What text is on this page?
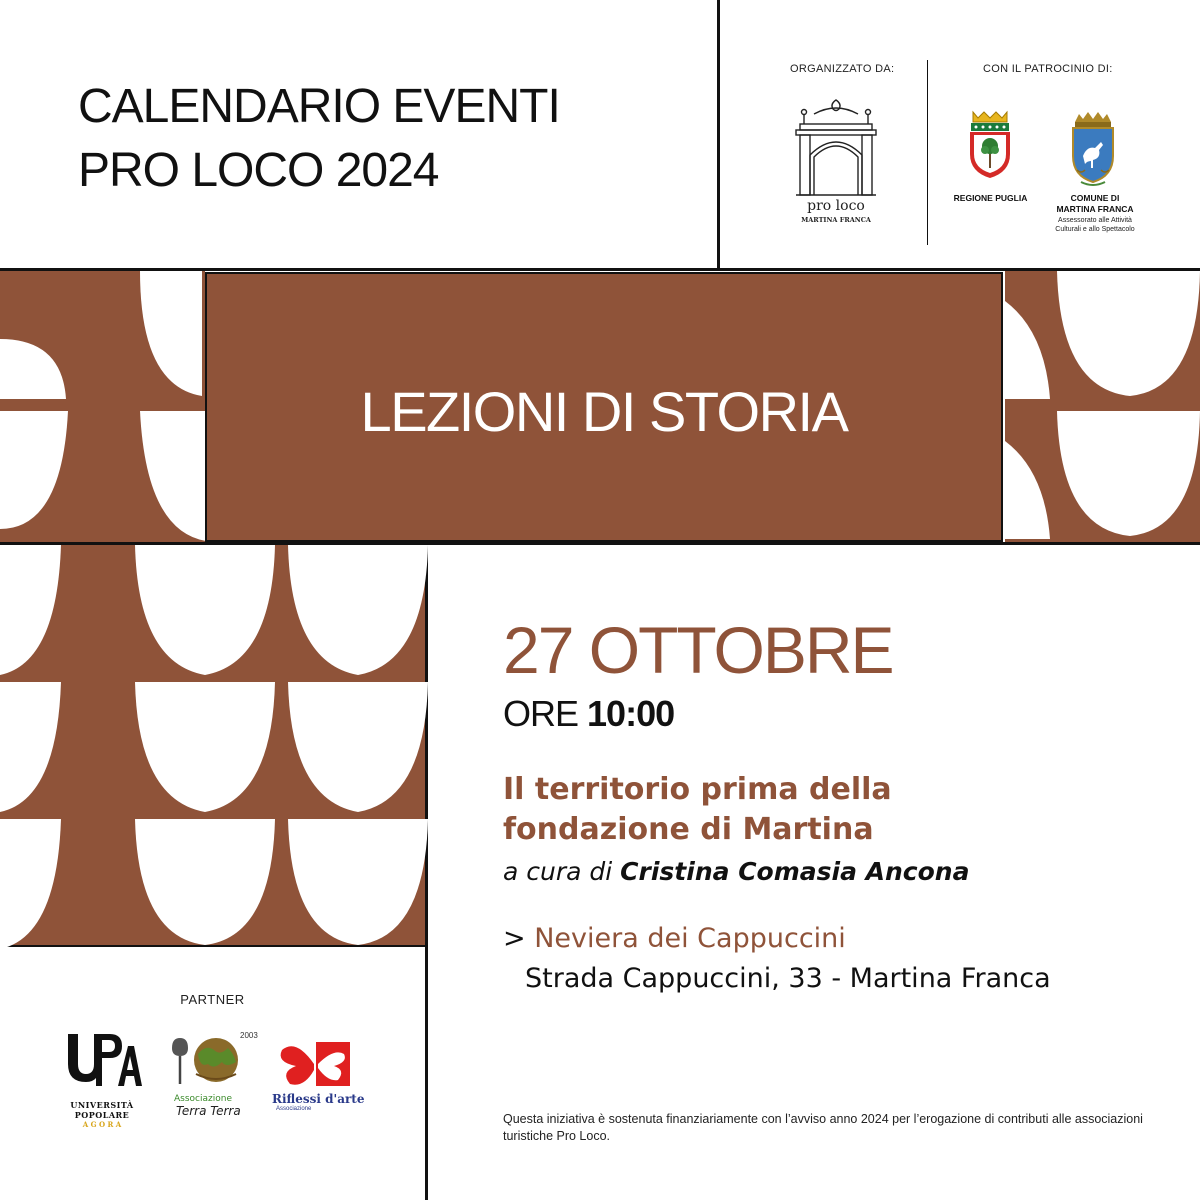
CALENDARIO EVENTI
PRO LOCO 2024
ORGANIZZATO DA:
pro loco
MARTINA FRANCA
CON IL PATROCINIO DI:
REGIONE PUGLIA	COMUNE DI
MARTINA FRANCA
Assessorato alle Attività
Culturali e allo Spettacolo
LEZIONI DI STORIA
27 OTTOBRE
ORE 10:00
Il territorio prima della
fondazione di Martina
a cura di Cristina Comasia Ancona
> Neviera dei Cappuccini
Strada Cappuccini, 33 - Martina Franca
PARTNER
UNIVERSITÀ
POPOLARE
A G O R A
2003
Associazione
Terra Terra
Riflessi d'arte
Associazione
Questa iniziativa è sostenuta finanziariamente con l’avviso anno 2024 per l’erogazione di contributi alle associazioni turistiche Pro Loco.
